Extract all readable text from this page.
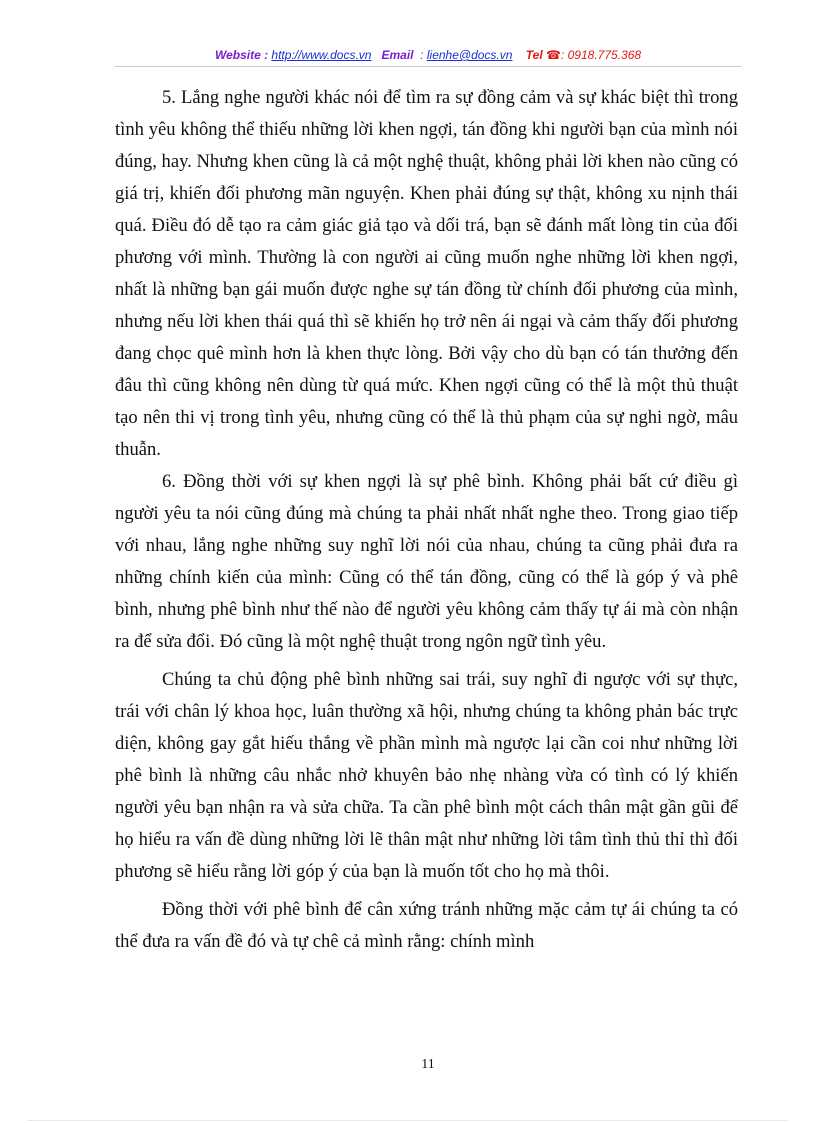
Website : http://www.docs.vn Email : lienhe@docs.vn Tel ☎: 0918.775.368

5. Lắng nghe người khác nói để tìm ra sự đồng cảm và sự khác biệt thì trong tình yêu không thể thiếu những lời khen ngợi, tán đồng khi người bạn của mình nói đúng, hay. Nhưng khen cũng là cả một nghệ thuật, không phải lời khen nào cũng có giá trị, khiến đối phương mãn nguyện. Khen phải đúng sự thật, không xu nịnh thái quá. Điều đó dễ tạo ra cảm giác giả tạo và dối trá, bạn sẽ đánh mất lòng tin của đối phương với mình. Thường là con người ai cũng muốn nghe những lời khen ngợi, nhất là những bạn gái muốn được nghe sự tán đồng từ chính đối phương của mình, nhưng nếu lời khen thái quá thì sẽ khiến họ trở nên ái ngại và cảm thấy đối phương đang chọc quê mình hơn là khen thực lòng. Bởi vậy cho dù bạn có tán thưởng đến đâu thì cũng không nên dùng từ quá mức. Khen ngợi cũng có thể là một thủ thuật tạo nên thi vị trong tình yêu, nhưng cũng có thể là thủ phạm của sự nghi ngờ, mâu thuẫn.

6. Đồng thời với sự khen ngợi là sự phê bình. Không phải bất cứ điều gì người yêu ta nói cũng đúng mà chúng ta phải nhất nhất nghe theo. Trong giao tiếp với nhau, lắng nghe những suy nghĩ lời nói của nhau, chúng ta cũng phải đưa ra những chính kiến của mình: Cũng có thể tán đồng, cũng có thể là góp ý và phê bình, nhưng phê bình như thế nào để người yêu không cảm thấy tự ái mà còn nhận ra để sửa đổi. Đó cũng là một nghệ thuật trong ngôn ngữ tình yêu.

Chúng ta chủ động phê bình những sai trái, suy nghĩ đi ngược với sự thực, trái với chân lý khoa học, luân thường xã hội, nhưng chúng ta không phản bác trực diện, không gay gắt hiếu thắng về phần mình mà ngược lại cần coi như những lời phê bình là những câu nhắc nhở khuyên bảo nhẹ nhàng vừa có tình có lý khiến người yêu bạn nhận ra và sửa chữa. Ta cần phê bình một cách thân mật gần gũi để họ hiểu ra vấn đề dùng những lời lẽ thân mật như những lời tâm tình thủ thỉ thì đối phương sẽ hiểu rằng lời góp ý của bạn là muốn tốt cho họ mà thôi.

Đồng thời với phê bình để cân xứng tránh những mặc cảm tự ái chúng ta có thể đưa ra vấn đề đó và tự chê cả mình rằng: chính mình

11
